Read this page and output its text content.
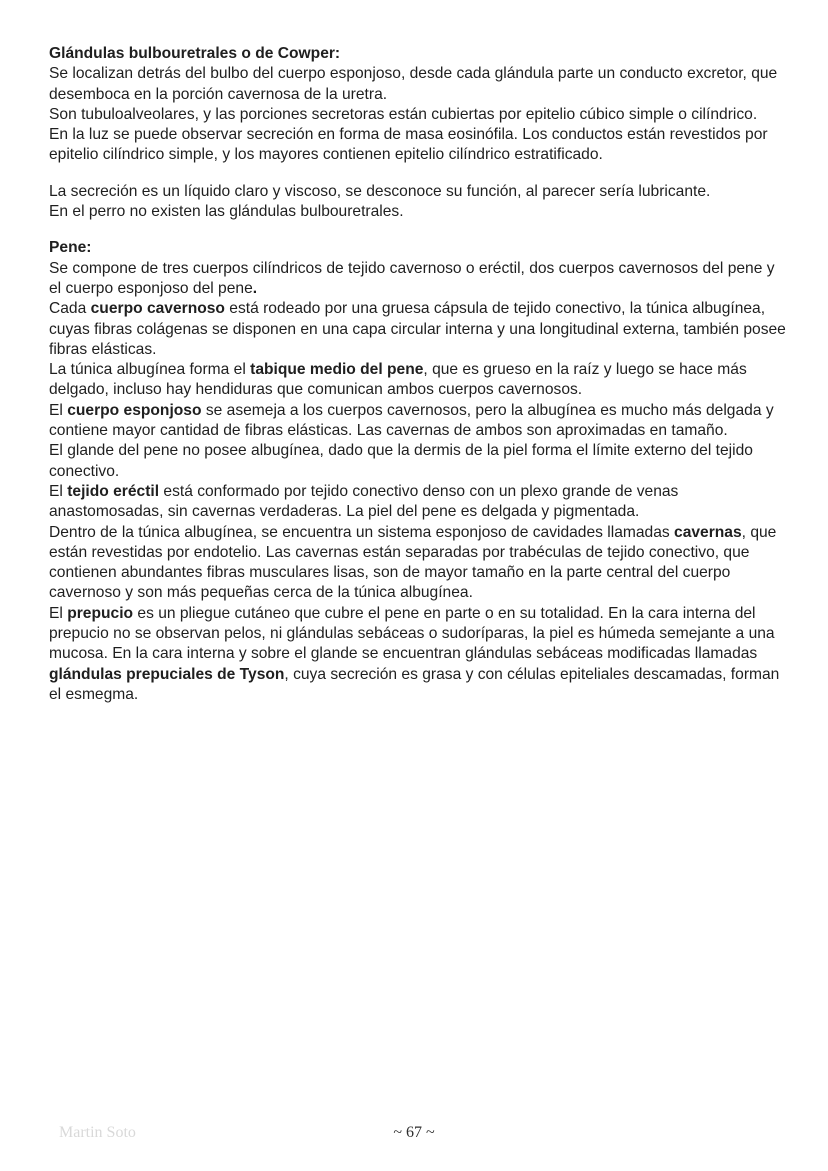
Glándulas bulbouretrales o de Cowper:
Se localizan detrás del bulbo del cuerpo esponjoso, desde cada glándula parte un conducto excretor, que
desemboca en la porción cavernosa de la uretra.
Son tubuloalveolares, y las porciones secretoras están cubiertas por epitelio cúbico simple o cilíndrico.
En la luz se puede observar secreción en forma de masa eosinófila. Los conductos están revestidos por
epitelio cilíndrico simple, y los mayores contienen epitelio cilíndrico estratificado.
La secreción es un líquido claro y viscoso, se desconoce su función, al parecer sería lubricante.
En el perro no existen las glándulas bulbouretrales.
Pene:
Se compone de tres cuerpos cilíndricos de tejido cavernoso o eréctil, dos cuerpos cavernosos del pene y
el cuerpo esponjoso del pene.
Cada cuerpo cavernoso está rodeado por una gruesa cápsula de tejido conectivo, la túnica albugínea,
cuyas fibras colágenas se disponen en una capa circular interna y una longitudinal externa, también posee
fibras elásticas.
La túnica albugínea forma el tabique medio del pene, que es grueso en la raíz y luego se hace más
delgado, incluso hay hendiduras que comunican ambos cuerpos cavernosos.
El cuerpo esponjoso se asemeja a los cuerpos cavernosos, pero la albugínea es mucho más delgada y
contiene mayor cantidad de fibras elásticas. Las cavernas de ambos son aproximadas en tamaño.
El glande del pene no posee albugínea, dado que la dermis de la piel forma el límite externo del tejido
conectivo.
El tejido eréctil está conformado por tejido conectivo denso con un plexo grande de venas
anastomosadas, sin cavernas verdaderas. La piel del pene es delgada y pigmentada.
Dentro de la túnica albugínea, se encuentra un sistema esponjoso de cavidades llamadas cavernas, que
están revestidas por endotelio. Las cavernas están separadas por trabéculas de tejido conectivo, que
contienen abundantes fibras musculares lisas, son de mayor tamaño en la parte central del cuerpo
cavernoso y son más pequeñas cerca de la túnica albugínea.
El prepucio es un pliegue cutáneo que cubre el pene en parte o en su totalidad. En la cara interna del
prepucio no se observan pelos, ni glándulas sebáceas o sudoríparas, la piel es húmeda semejante a una
mucosa. En la cara interna y sobre el glande se encuentran glándulas sebáceas modificadas llamadas
glándulas prepuciales de Tyson, cuya secreción es grasa y con células epiteliales descamadas, forman
el esmegma.
Martin Soto	~ 67 ~
